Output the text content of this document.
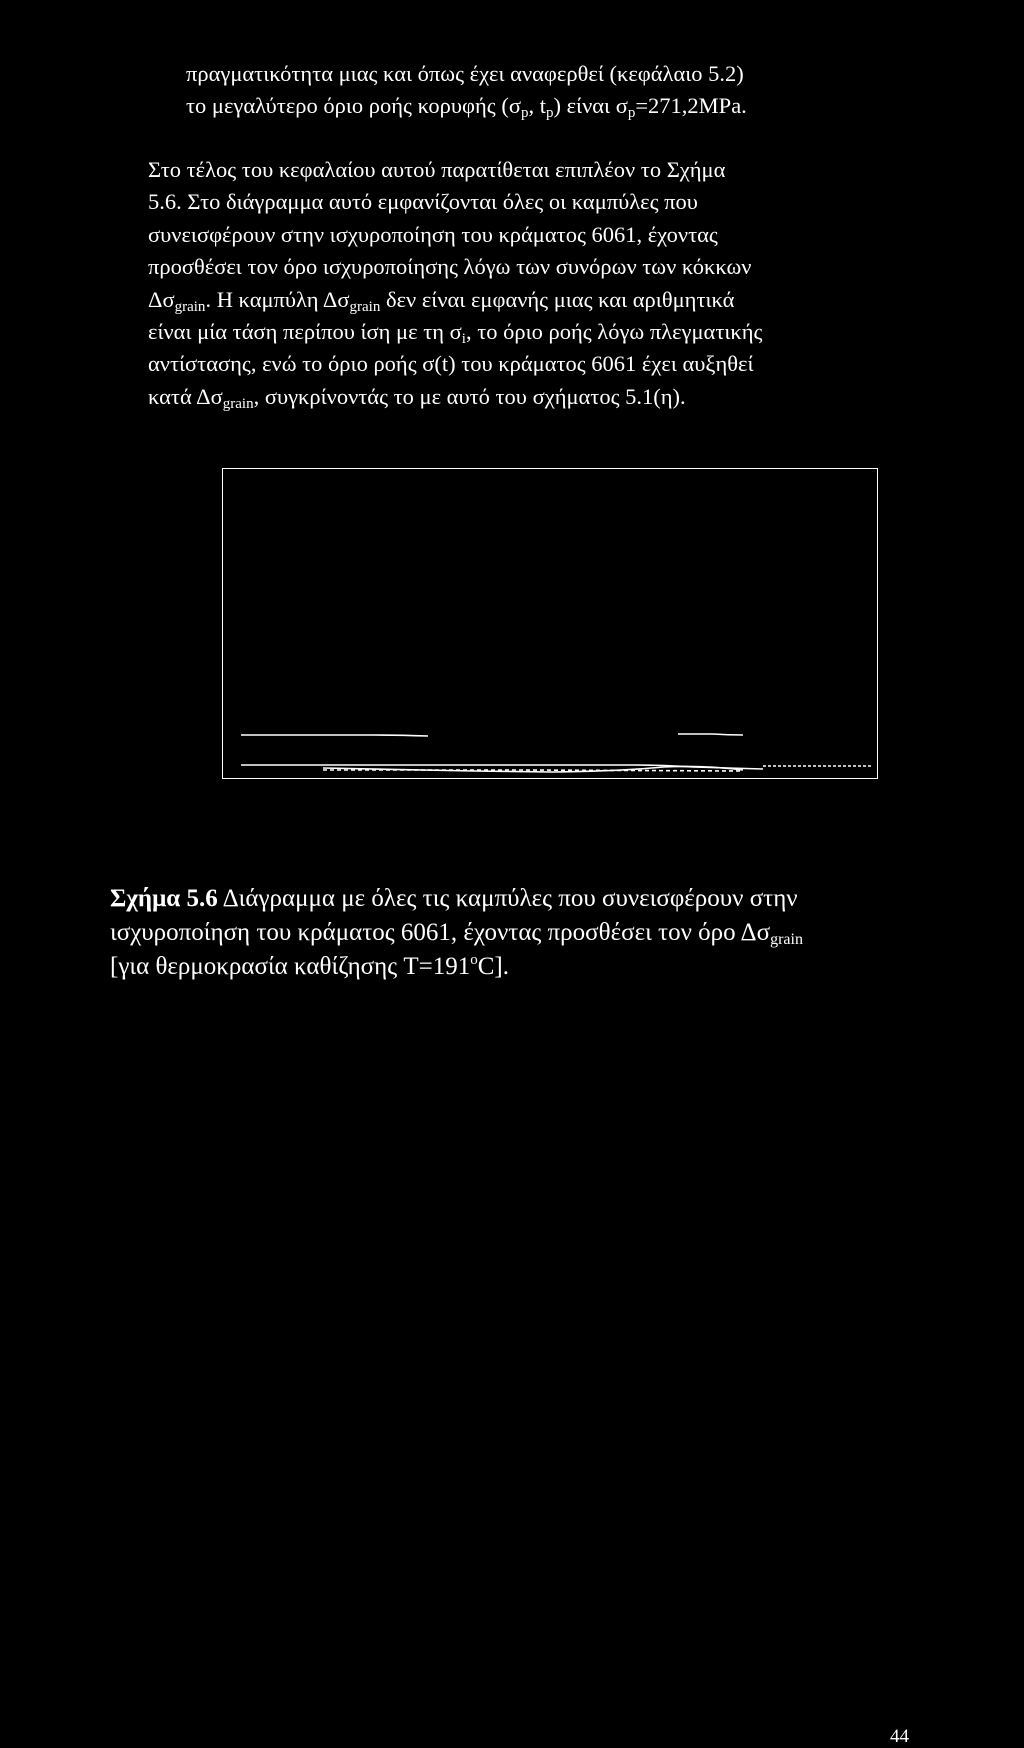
πραγματικότητα μιας και όπως έχει αναφερθεί (κεφάλαιο 5.2)

το μεγαλύτερο όριο ροής κορυφής ($\sigma_p$, $t_p$) είναι $\sigma_p=271,2MPa$.

Στο τέλος του κεφαλαίου αυτού παρατίθεται επιπλέον το Σχήμα

5.6. Στο διάγραμμα αυτό εμφανίζονται όλες οι καμπύλες που

συνεισφέρουν στην ισχυροποίηση του κράματος 6061, έχοντας

προσθέσει τον όρο ισχυροποίησης λόγω των συνόρων των κόκκων

$\Delta\sigma_{grain}$. Η καμπύλη $\Delta\sigma_{grain}$ δεν είναι εμφανής μιας και αριθμητικά

είναι μία τάση περίπου ίση με τη $\sigma_i$, το όριο ροής λόγω πλεγματικής

αντίστασης, ενώ το όριο ροής σ(t) του κράματος 6061 έχει αυξηθεί

κατά $\Delta\sigma_{grain}$, συγκρίνοντάς το με αυτό του σχήματος 5.1(η).

Σχήμα 5.6 Διάγραμμα με όλες τις καμπύλες που συνεισφέρουν στην

ισχυροποίηση του κράματος 6061, έχοντας προσθέσει τον όρο $\Delta\sigma_{grain}$

[για θερμοκρασία καθίζησης $T=191^oC$].

44
